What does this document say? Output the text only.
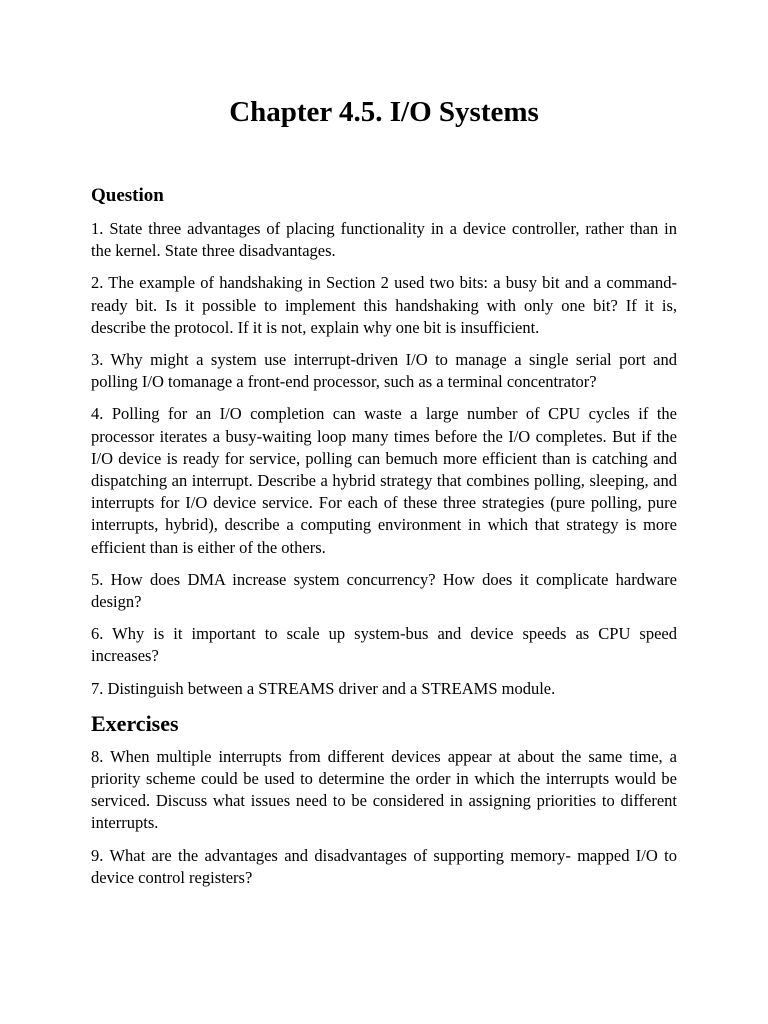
Chapter 4.5. I/O Systems
Question

1. State three advantages of placing functionality in a device controller, rather than in the kernel. State three disadvantages.

2. The example of handshaking in Section 2 used two bits: a busy bit and a command-ready bit. Is it possible to implement this handshaking with only one bit? If it is, describe the protocol. If it is not, explain why one bit is insufficient.

3. Why might a system use interrupt-driven I/O to manage a single serial port and polling I/O tomanage a front-end processor, such as a terminal concentrator?

4. Polling for an I/O completion can waste a large number of CPU cycles if the processor iterates a busy-waiting loop many times before the I/O completes. But if the I/O device is ready for service, polling can bemuch more efficient than is catching and dispatching an interrupt. Describe a hybrid strategy that combines polling, sleeping, and interrupts for I/O device service. For each of these three strategies (pure polling, pure interrupts, hybrid), describe a computing environment in which that strategy is more efficient than is either of the others.

5. How does DMA increase system concurrency? How does it complicate hardware design?

6. Why is it important to scale up system-bus and device speeds as CPU speed increases?

7. Distinguish between a STREAMS driver and a STREAMS module.

Exercises

8. When multiple interrupts from different devices appear at about the same time, a priority scheme could be used to determine the order in which the interrupts would be serviced. Discuss what issues need to be considered in assigning priorities to different interrupts.

9. What are the advantages and disadvantages of supporting memory- mapped I/O to device control registers?
